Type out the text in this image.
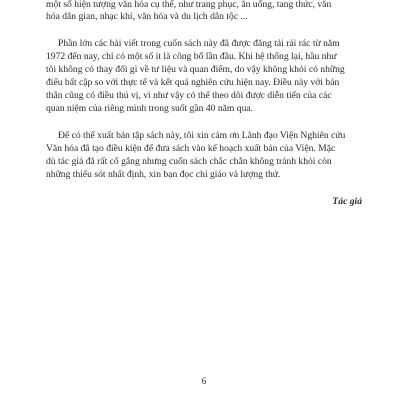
một số hiện tượng văn hóa cụ thể, như trang phục, ăn uống, tang thức, văn
hóa dân gian, nhạc khí, văn hóa và du lịch dân tộc ...
Phần lớn các bài viết trong cuốn sách này đã được đăng tải rải rác từ năm
1972 đến nay, chỉ có một số ít là công bố lần đầu. Khi hệ thống lại, hầu như
tôi không có thay đổi gì về tư liệu và quan điểm, do vậy không khỏi có những
điểu bất cập so với thực tế và kết quả nghiên cứu hiện nay. Điều này với bản
thân cũng có điều thú vị, vì như vậy có thể theo dõi được diễn tiến của các
quan niệm của riêng mình trong suốt gần 40 năm qua.
Để có thể xuất bản tập sách này, tôi xin cảm ơn Lãnh đạo Viện Nghiên cứu
Văn hóa đã tạo điều kiện để đưa sách vào kế hoạch xuất bản của Viện. Mặc
dù tác giả đã rất cố gắng nhưng cuốn sách chắc chắn không tránh khỏi còn
những thiếu sót nhất định, xin bạn đọc chỉ giáo và lượng thứ.
Tác giả
6
